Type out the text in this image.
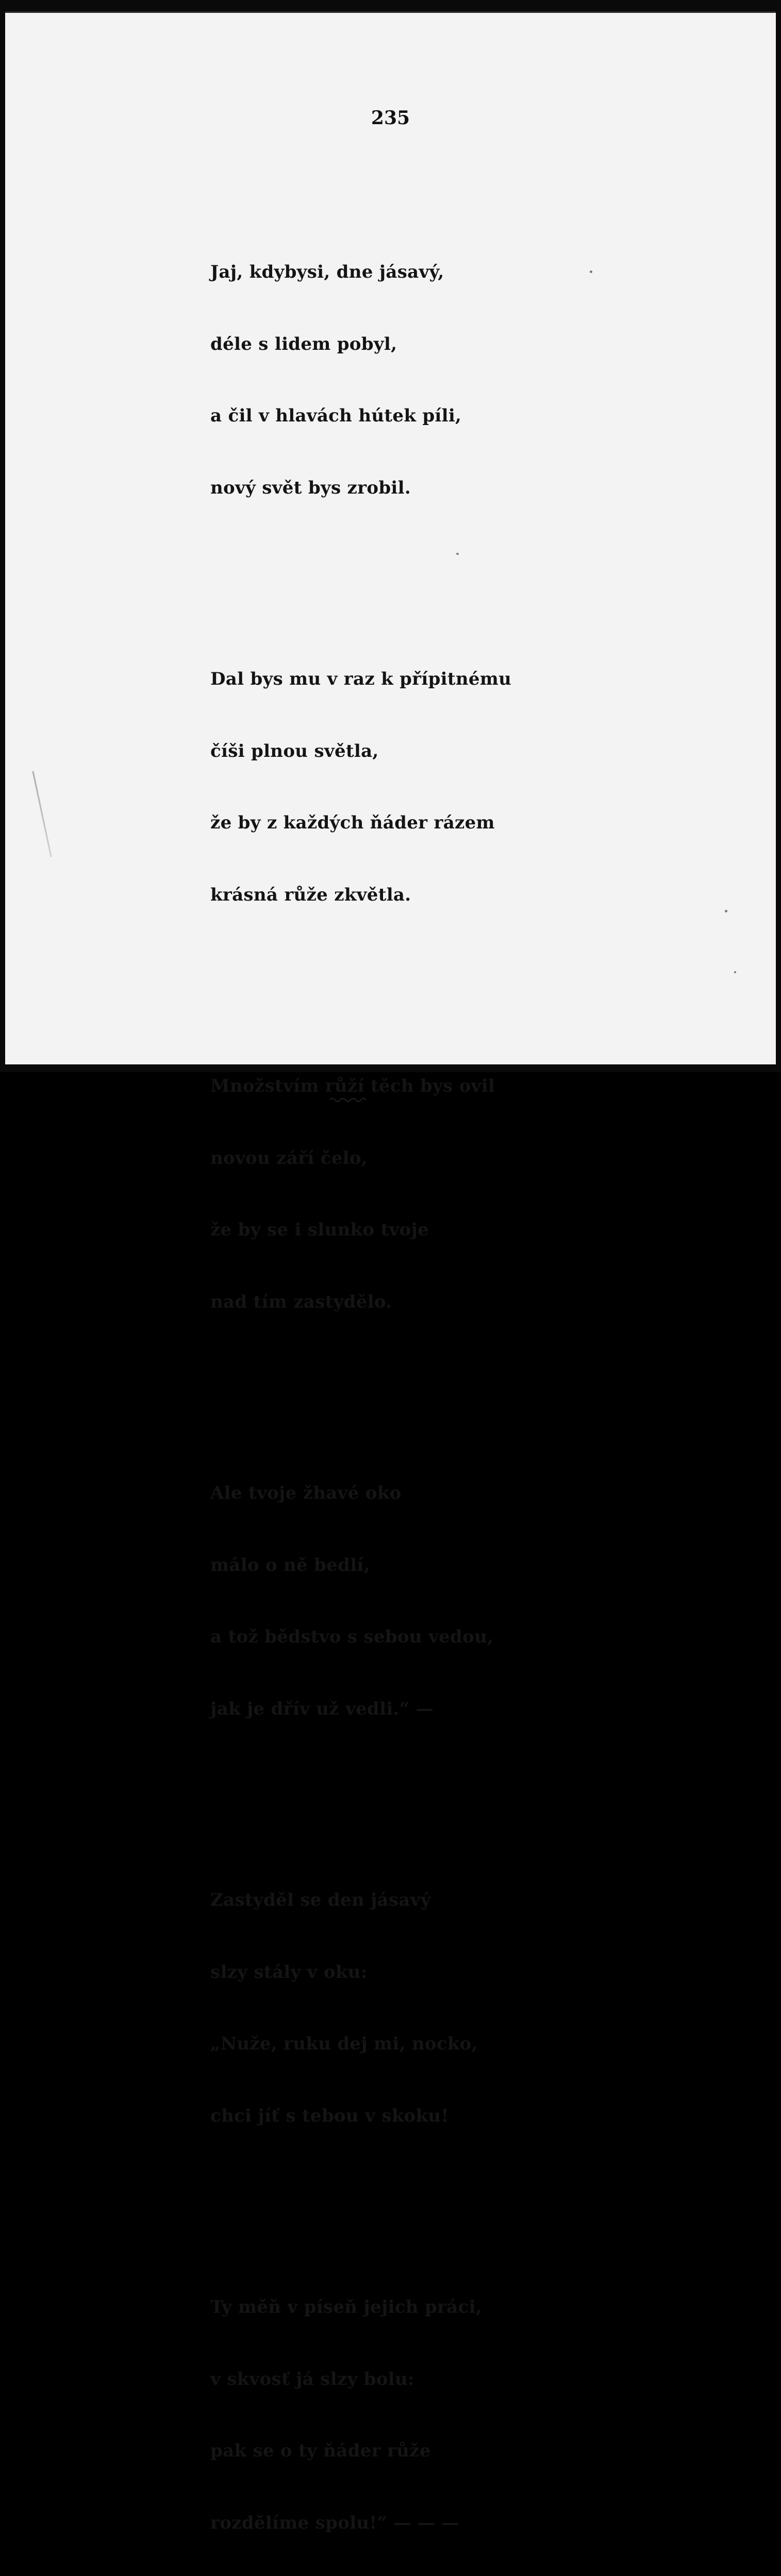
235

Jaj, kdybysi, dne jásavý,

déle s lidem pobyl,

a čil v hlavách hútek píli,

nový svět bys zrobil.

Dal bys mu v raz k přípitnému

číši plnou světla,

že by z každých ňáder rázem

krásná růže zkvětla.

Množstvím růží těch bys ovil

novou září čelo,

že by se i slunko tvoje

nad tím zastydělo.

Ale tvoje žhavé oko

málo o ně bedlí,

a tož bědstvo s sebou vedou,

jak je dřív už vedli.“ —

Zastyděl se den jásavý

slzy stály v oku:

„Nuže, ruku dej mi, nocko,

chci jíť s tebou v skoku!

Ty měň v píseň jejich práci,

v skvosť já slzy bolu:

pak se o ty ňáder růže

rozdělíme spolu!“ — — —
